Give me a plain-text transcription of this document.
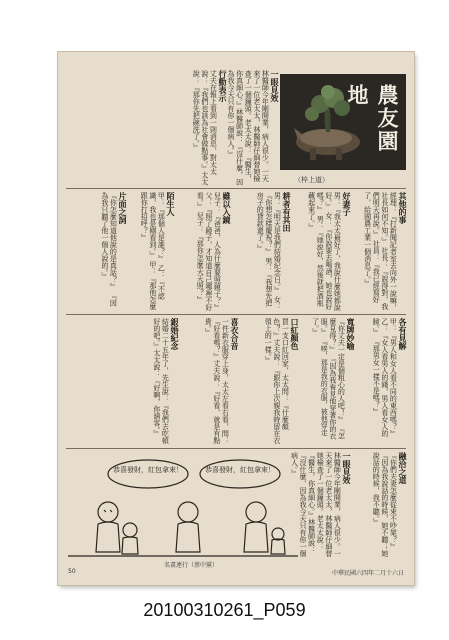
農友園地
（梓上道）
一眼見效

林醫師今年剛開業，病人很少。一天來了一位老太太，林醫師仔細替她檢查了一個鐘頭。老太太說：『醫生，你真細心。』林醫師說：『沒什麼，因為我今天只有你一個病人。』

行動表示

丈夫在報上看到一則消息，對太太說：『我們也該為社會做點事。』太太說：『那你先把碗洗了。』

片面之詞

『你怎麼知道他說的是真話？』 『因為我只聽了他一個人說的。』	其他的事

經理：『打新聞記者室去向外一說嘛，社長如何不知。』 社長：『說得對，我們明天再說。』 社員：『我已經寫好了，給國農工業一個消息了。』

好妻子

男：『我太太最好了，我說什麼她都說好。』 女：『你說要去喝酒，她也說好嗎？』 男：『她說好，然後就把酒瓶藏起來了。』

耕者有其田

男：『明天是我們結婚紀念日。』 女：『你想怎樣慶祝？』 男：『我想先把房子的貸款還了。』

雖以入鏡

兒子：『爸爸，人為什麼要照鏡子？』 父：『照了鏡子，才知道自己哪裡不好看。』 兒子：『那你怎麼天天照？』

陌生人

甲：『那個人是誰？』 乙：『不認識，我也是剛看到。』 甲：『那他怎麼跟你打招呼？』

各有見解

甲：『男人和女人看不同的東西嗎？』 乙：『女人看男人的錢，男人看女人的臉。』 『那男女一樣不是嗎？』

寬牌妙喻

『你丈夫一定是個粗心的人吧！』 『怎麼見得？』 『因為我看見他穿著你的衣服。』 『唉，那是我的衣服，被他穿走了。』

口紅顏色

買一支口紅回家，太太問：『什麼顏色？』丈夫說：『跟你上次親我時留在衣領上的一樣。』

喜衣合音

一件新衣服穿上身，太太左看右看，問：『好看嗎？』丈夫說：『好看，就是有點貴。』

銀婚紀念

結婚二十五年了，先生說：『我們去吃頓好的吧。』太太說：『好啊，你請客。』

融洽之道

『你們夫妻怎麼從來不吵架？』 『因為我說話的時候，她不聽；她說話的時候，我不聽。』

一眼見效

林醫師今年剛開業，病人很少。一天來了一位老太太，林醫師仔細替她檢查了一個鐘頭。老太太說：『醫生，你真細心。』林醫師說：『沒什麼，因為我今天只有你一個病人。』

恭喜發財，紅包拿來！	恭喜發財，紅包拿來！
名畫連行（蔡中黨）
50	中華民國六四年二月十六日
20100310261_P059
